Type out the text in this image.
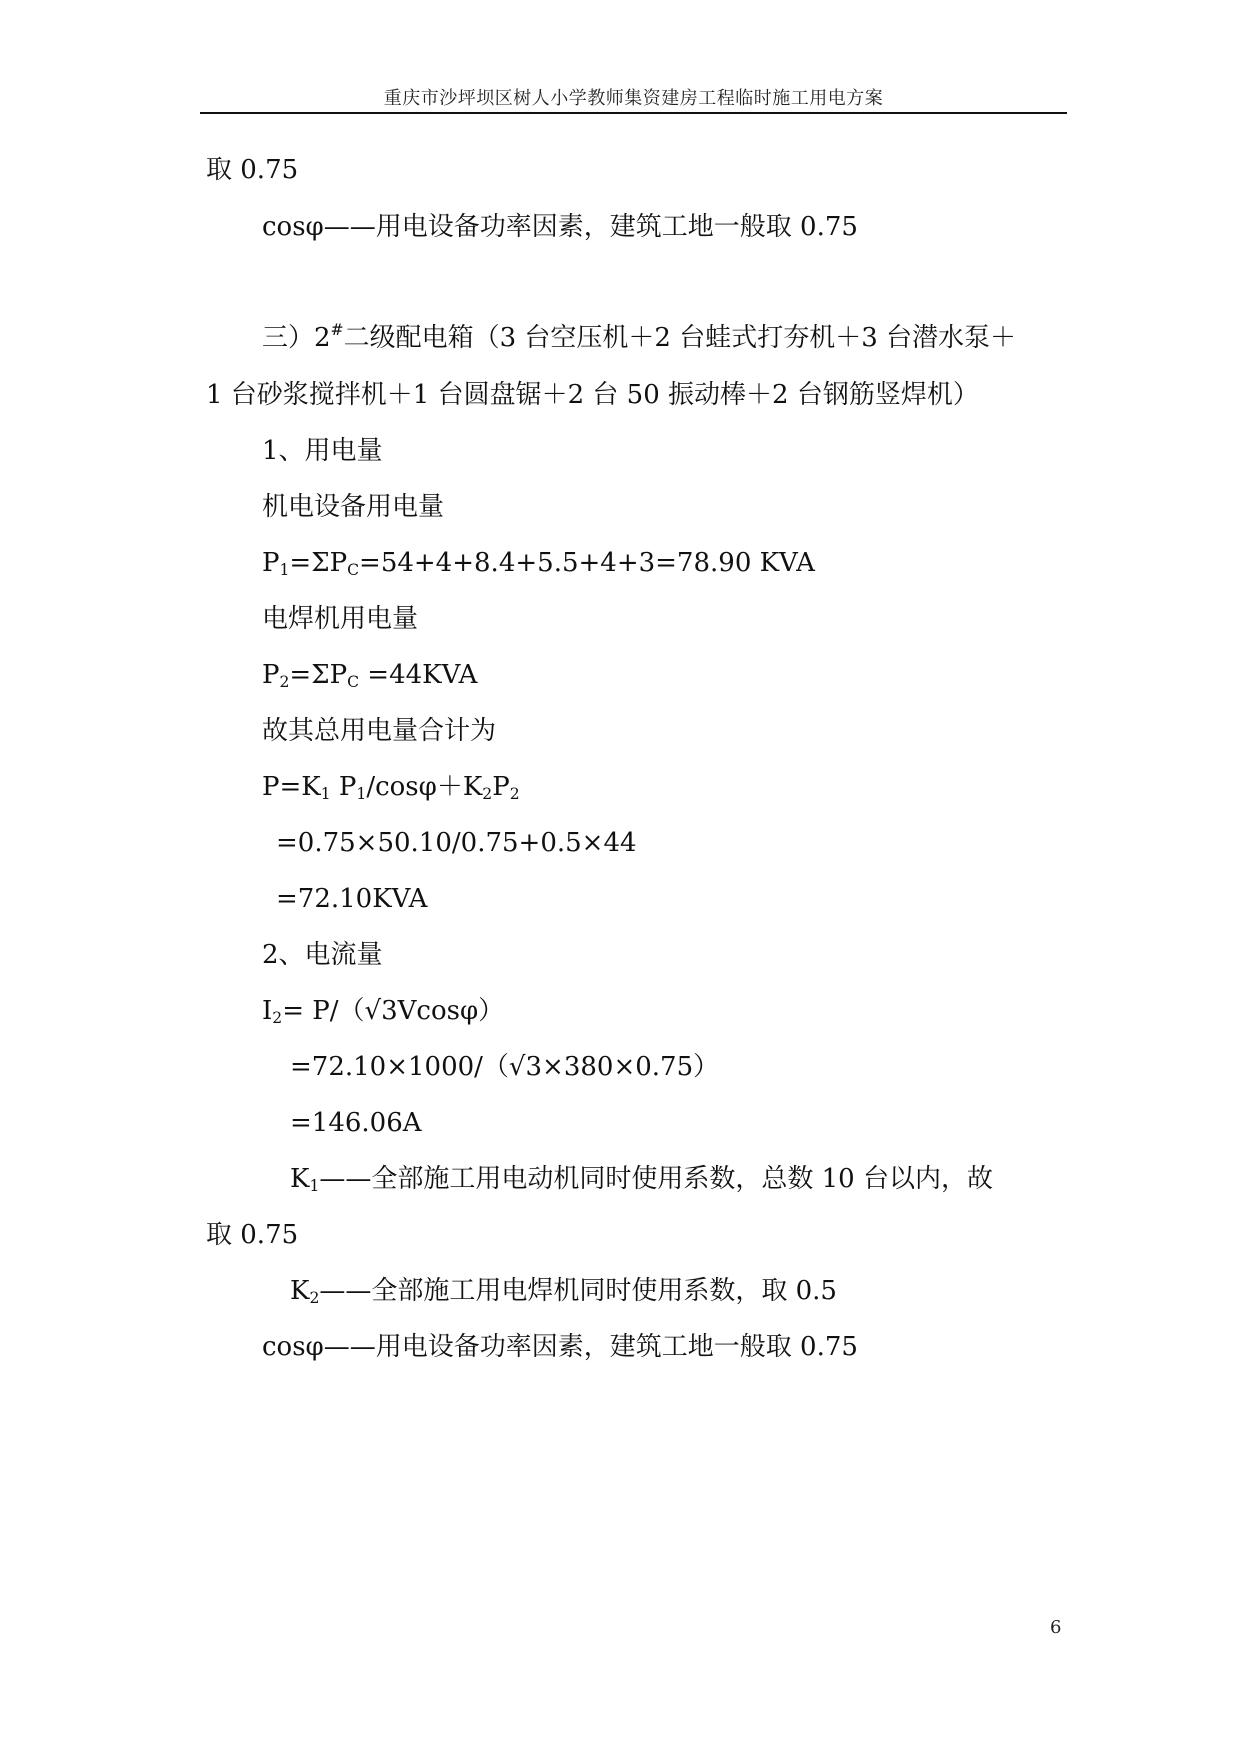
重庆市沙坪坝区树人小学教师集资建房工程临时施工用电方案
取 0.75
cosφ——用电设备功率因素，建筑工地一般取 0.75
三）2#二级配电箱（3 台空压机＋2 台蛙式打夯机＋3 台潜水泵＋
1 台砂浆搅拌机＋1 台圆盘锯＋2 台 50 振动棒＋2 台钢筋竖焊机）
1、用电量
机电设备用电量
$P_1=\Sigma P_C=54+4+8.4+5.5+4+3=78.90$ KVA
电焊机用电量
$P_2=\Sigma P_C =44KVA$
故其总用电量合计为
$P=K_1$ $P_1/\cos\varphi+K_2P_2$
=0.75×50.10/0.75+0.5×44
=72.10KVA
2、电流量
$I_2= P/(√3Vcos\varphi)$
=72.10×1000/（√3×380×0.75）
=146.06A
$K_1——$全部施工用电动机同时使用系数，总数 10 台以内，故
取 0.75
$K_2——$全部施工用电焊机同时使用系数，取 0.5
cosφ——用电设备功率因素，建筑工地一般取 0.75
6
